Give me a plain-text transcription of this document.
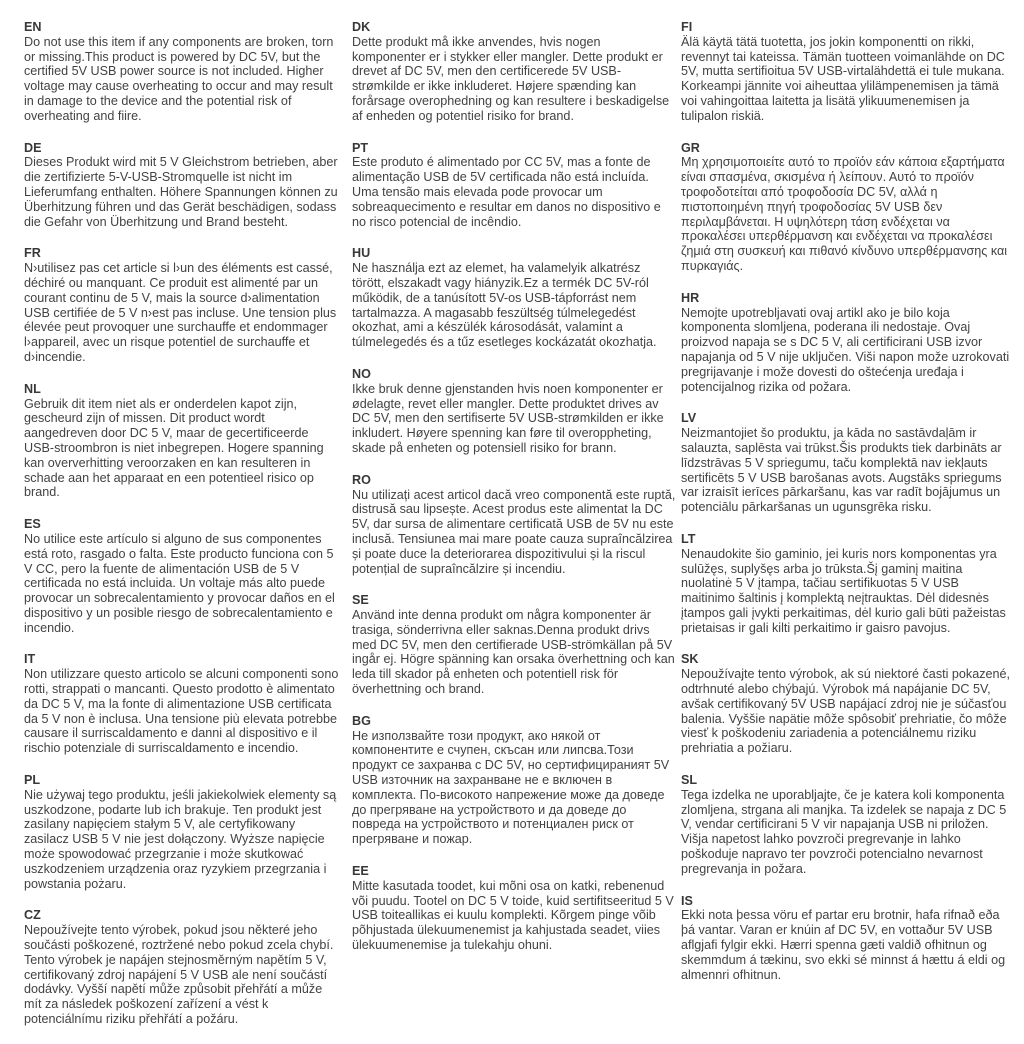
EN
Do not use this item if any components are broken, torn or missing.This product is powered by DC 5V, but the certified 5V USB power source is not included. Higher voltage may cause overheating to occur and may result in damage to the device and the potential risk of overheating and fiire.
DE
Dieses Produkt wird mit 5 V Gleichstrom betrieben, aber die zertifizierte 5-V-USB-Stromquelle ist nicht im Lieferumfang enthalten. Höhere Spannungen können zu Überhitzung führen und das Gerät beschädigen, sodass die Gefahr von Überhitzung und Brand besteht.
FR
N›utilisez pas cet article si l›un des éléments est cassé, déchiré ou manquant. Ce produit est alimenté par un courant continu de 5 V, mais la source d›alimentation USB certifiée de 5 V n›est pas incluse. Une tension plus élevée peut provoquer une surchauffe et endommager l›appareil, avec un risque potentiel de surchauffe et d›incendie.
NL
Gebruik dit item niet als er onderdelen kapot zijn, gescheurd zijn of missen. Dit product wordt aangedreven door DC 5 V, maar de gecertificeerde USB-stroombron is niet inbegrepen. Hogere spanning kan oververhitting veroorzaken en kan resulteren in schade aan het apparaat en een potentieel risico op brand.
ES
No utilice este artículo si alguno de sus componentes está roto, rasgado o falta. Este producto funciona con 5 V CC, pero la fuente de alimentación USB de 5 V certificada no está incluida. Un voltaje más alto puede provocar un sobrecalentamiento y provocar daños en el dispositivo y un posible riesgo de sobrecalentamiento e incendio.
IT
Non utilizzare questo articolo se alcuni componenti sono rotti, strappati o mancanti. Questo prodotto è alimentato da DC 5 V, ma la fonte di alimentazione USB certificata da 5 V non è inclusa. Una tensione più elevata potrebbe causare il surriscaldamento e danni al dispositivo e il rischio potenziale di surriscaldamento e incendio.
PL
Nie używaj tego produktu, jeśli jakiekolwiek elementy są uszkodzone, podarte lub ich brakuje. Ten produkt jest zasilany napięciem stałym 5 V, ale certyfikowany zasilacz USB 5 V nie jest dołączony. Wyższe napięcie może spowodować przegrzanie i może skutkować uszkodzeniem urządzenia oraz ryzykiem przegrzania i powstania pożaru.
CZ
Nepoužívejte tento výrobek, pokud jsou některé jeho součásti poškozené, roztržené nebo pokud zcela chybí. Tento výrobek je napájen stejnosměrným napětím 5 V, certifikovaný zdroj napájení 5 V USB ale není součástí dodávky. Vyšší napětí může způsobit přehřátí a může mít za následek poškození zařízení a vést k potenciálnímu riziku přehřátí a požáru.
DK
Dette produkt må ikke anvendes, hvis nogen komponenter er i stykker eller mangler. Dette produkt er drevet af DC 5V, men den certificerede 5V USB-strømkilde er ikke inkluderet. Højere spænding kan forårsage overophedning og kan resultere i beskadigelse af enheden og potentiel risiko for brand.
PT
Este produto é alimentado por CC 5V, mas a fonte de alimentação USB de 5V certificada não está incluída. Uma tensão mais elevada pode provocar um sobreaquecimento e resultar em danos no dispositivo e no risco potencial de incêndio.
HU
Ne használja ezt az elemet, ha valamelyik alkatrész törött, elszakadt vagy hiányzik.Ez a termék DC 5V-ról működik, de a tanúsított 5V-os USB-tápforrást nem tartalmazza. A magasabb feszültség túlmelegedést okozhat, ami a készülék károsodását, valamint a túlmelegedés és a tűz esetleges kockázatát okozhatja.
NO
Ikke bruk denne gjenstanden hvis noen komponenter er ødelagte, revet eller mangler. Dette produktet drives av DC 5V, men den sertifiserte 5V USB-strømkilden er ikke inkludert. Høyere spenning kan føre til overoppheting, skade på enheten og potensiell risiko for brann.
RO
Nu utilizați acest articol dacă vreo componentă este ruptă, distrusă sau lipsește. Acest produs este alimentat la DC 5V, dar sursa de alimentare certificată USB de 5V nu este inclusă. Tensiunea mai mare poate cauza supraîncălzirea și poate duce la deteriorarea dispozitivului și la riscul potențial de supraîncălzire și incendiu.
SE
Använd inte denna produkt om några komponenter är trasiga, sönderrivna eller saknas.Denna produkt drivs med DC 5V, men den certifierade USB-strömkällan på 5V ingår ej. Högre spänning kan orsaka överhettning och kan leda till skador på enheten och potentiell risk för överhettning och brand.
BG
Не използвайте този продукт, ако някой от компонентите е счупен, скъсан или липсва.Този продукт се захранва с DC 5V, но сертифицираният 5V USB източник на захранване не е включен в комплекта. По-високото напрежение може да доведе до прегряване на устройството и да доведе до повреда на устройството и потенциален риск от прегряване и пожар.
EE
Mitte kasutada toodet, kui mõni osa on katki, rebenenud või puudu. Tootel on DC 5 V toide, kuid sertifitseeritud 5 V USB toiteallikas ei kuulu komplekti. Kõrgem pinge võib põhjustada ülekuumenemist ja kahjustada seadet, viies ülekuumenemise ja tulekahju ohuni.
FI
Älä käytä tätä tuotetta, jos jokin komponentti on rikki, revennyt tai kateissa. Tämän tuotteen voimanlähde on DC 5V, mutta sertifioitua 5V USB-virtalähdettä ei tule mukana. Korkeampi jännite voi aiheuttaa ylilämpenemisen ja tämä voi vahingoittaa laitetta ja lisätä ylikuumenemisen ja tulipalon riskiä.
GR
Μη χρησιμοποιείτε αυτό το προϊόν εάν κάποια εξαρτήματα είναι σπασμένα, σκισμένα ή λείπουν. Αυτό το προϊόν τροφοδοτείται από τροφοδοσία DC 5V, αλλά η πιστοποιημένη πηγή τροφοδοσίας 5V USB δεν περιλαμβάνεται. Η υψηλότερη τάση ενδέχεται να προκαλέσει υπερθέρμανση και ενδέχεται να προκαλέσει ζημιά στη συσκευή και πιθανό κίνδυνο υπερθέρμανσης και πυρκαγιάς.
HR
Nemojte upotrebljavati ovaj artikl ako je bilo koja komponenta slomljena, poderana ili nedostaje. Ovaj proizvod napaja se s DC 5 V, ali certificirani USB izvor napajanja od 5 V nije uključen. Viši napon može uzrokovati pregrijavanje i može dovesti do oštećenja uređaja i potencijalnog rizika od požara.
LV
Neizmantojiet šo produktu, ja kāda no sastāvdaļām ir salauzta, saplēsta vai trūkst.Šis produkts tiek darbināts ar līdzstrāvas 5 V spriegumu, taču komplektā nav iekļauts sertificēts 5 V USB barošanas avots. Augstāks spriegums var izraisīt ierīces pārkaršanu, kas var radīt bojājumus un potenciālu pārkaršanas un ugunsgrēka risku.
LT
Nenaudokite šio gaminio, jei kuris nors komponentas yra sulūžęs, suplyšęs arba jo trūksta.Šį gaminį maitina nuolatinė 5 V įtampa, tačiau sertifikuotas 5 V USB maitinimo šaltinis į komplektą neįtrauktas. Dėl didesnės įtampos gali įvykti perkaitimas, dėl kurio gali būti pažeistas prietaisas ir gali kilti perkaitimo ir gaisro pavojus.
SK
Nepoužívajte tento výrobok, ak sú niektoré časti pokazené, odtrhnuté alebo chýbajú. Výrobok má napájanie DC 5V, avšak certifikovaný 5V USB napájací zdroj nie je súčasťou balenia. Vyššie napätie môže spôsobiť prehriatie, čo môže viesť k poškodeniu zariadenia a potenciálnemu riziku prehriatia a požiaru.
SL
Tega izdelka ne uporabljajte, če je katera koli komponenta zlomljena, strgana ali manjka. Ta izdelek se napaja z DC 5 V, vendar certificirani 5 V vir napajanja USB ni priložen. Višja napetost lahko povzroči pregrevanje in lahko poškoduje napravo ter povzroči potencialno nevarnost pregrevanja in požara.
IS
Ekki nota þessa vöru ef partar eru brotnir, hafa rifnað eða þá vantar. Varan er knúin af DC 5V, en vottaður 5V USB aflgjafi fylgir ekki. Hærri spenna gæti valdið ofhitnun og skemmdum á tækinu, svo ekki sé minnst á hættu á eldi og almennri ofhitnun.
